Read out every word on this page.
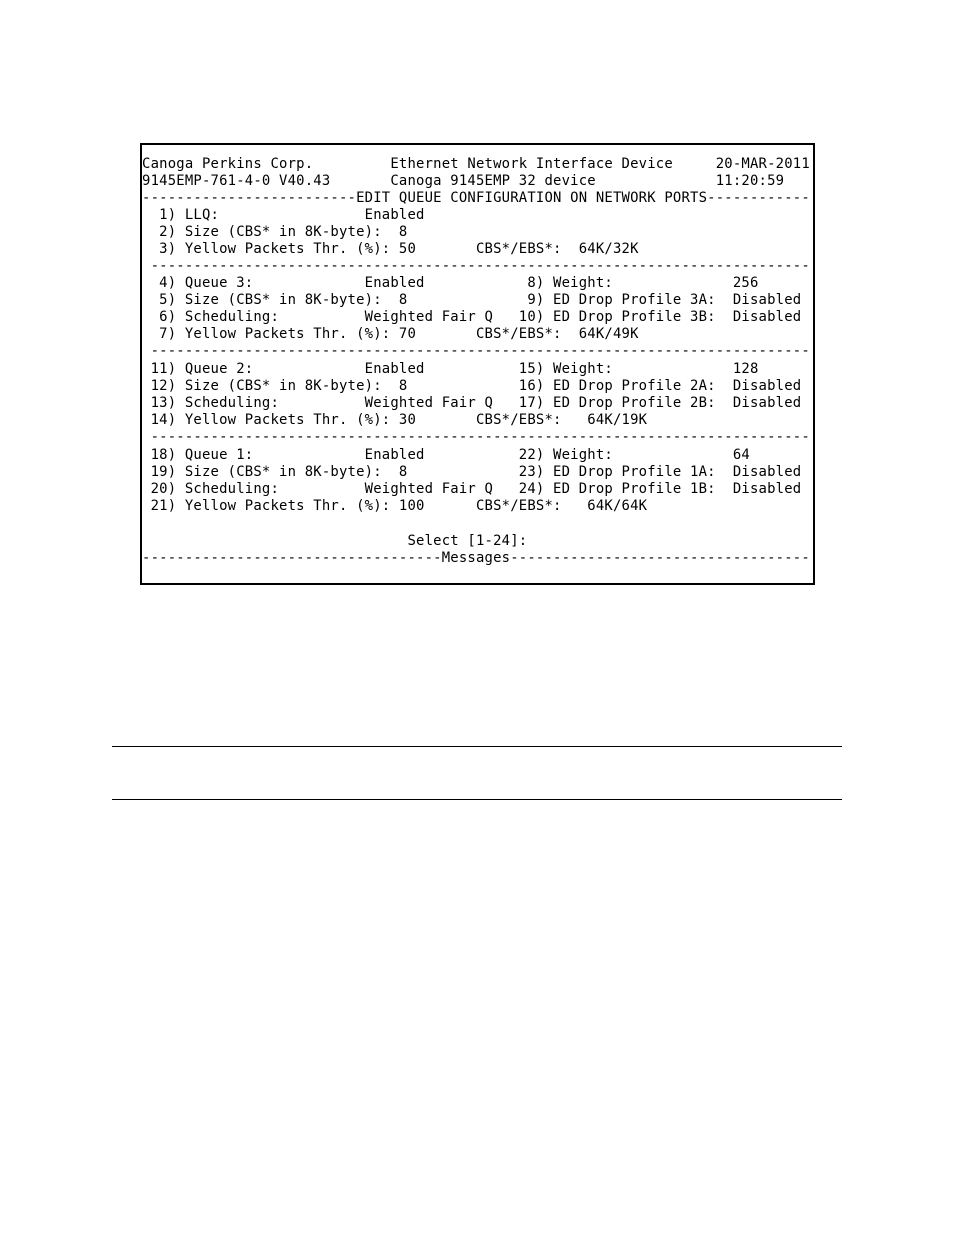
Canoga Perkins Corp.         Ethernet Network Interface Device     20-MAR-2011
9145EMP-761-4-0 V40.43       Canoga 9145EMP 32 device              11:20:59
-------------------------EDIT QUEUE CONFIGURATION ON NETWORK PORTS------------
1) LLQ:                 Enabled
2) Size (CBS* in 8K-byte):  8
3) Yellow Packets Thr. (%): 50       CBS*/EBS*:  64K/32K
-----------------------------------------------------------------------------
4) Queue 3:             Enabled            8) Weight:              256
5) Size (CBS* in 8K-byte):  8              9) ED Drop Profile 3A:  Disabled
6) Scheduling:          Weighted Fair Q   10) ED Drop Profile 3B:  Disabled
7) Yellow Packets Thr. (%): 70       CBS*/EBS*:  64K/49K
-----------------------------------------------------------------------------
11) Queue 2:             Enabled           15) Weight:              128
12) Size (CBS* in 8K-byte):  8             16) ED Drop Profile 2A:  Disabled
13) Scheduling:          Weighted Fair Q   17) ED Drop Profile 2B:  Disabled
14) Yellow Packets Thr. (%): 30       CBS*/EBS*:   64K/19K
-----------------------------------------------------------------------------
18) Queue 1:             Enabled           22) Weight:              64
19) Size (CBS* in 8K-byte):  8             23) ED Drop Profile 1A:  Disabled
20) Scheduling:          Weighted Fair Q   24) ED Drop Profile 1B:  Disabled
21) Yellow Packets Thr. (%): 100      CBS*/EBS*:   64K/64K
Select [1-24]:
-----------------------------------Messages-----------------------------------
